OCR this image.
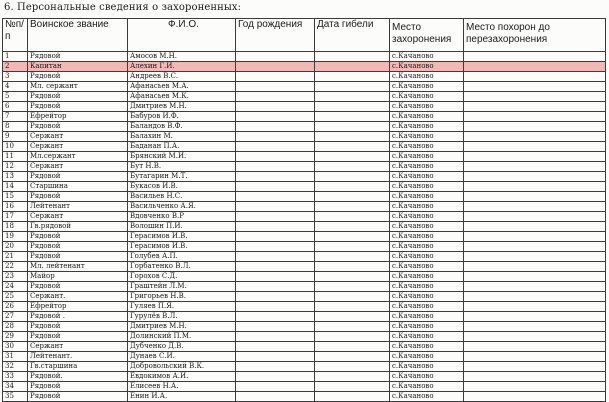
6. Персональные сведения о захороненных:
№п/ п	Воинское звание	Ф.И.О.	Год рождения	Дата гибели	Место захоронения	Место похорон до перезахоронения
1	Рядовой	Амосов М.Н.			с.Качаново	
2	Капитан	Алехин Г.И.			с.Качаново	
3	Рядовой	Андреев В.С.			с.Качаново	
4	Мл. сержант	Афанасьев М.А.			с.Качаново	
5	Рядовой	Афанасьев М.К.			с.Качаново	
6	Рядовой	Дмитриев М.Н.			с.Качаново	
7	Ефрейтор	Бабуров И.Ф.			с.Качаново	
8	Рядовой	Баландов В.Ф.			с.Качаново	
9	Сержант	Балахин М.			с.Качаново	
10	Сержант	Баданан П.А.			с.Качаново	
11	Мл.сержант	Брянский М.И.			с.Качаново	
12	Сержант	Бут Н.В.			с.Качаново	
13	Рядовой	Бутагарин М.Т.			с.Качаново	
14	Старшина	Букасов И.В.			с.Качаново	
15	Рядовой	Васильев Н.С.			с.Качаново	
16	Лейтенант	Васильченко А.Я.			с.Качаново	
17	Сержант	Вдовченко В.Р			с.Качаново	
18	Гв.рядовой	Волошин П.И.			с.Качаново	
19	Рядовой	Герасимов И.В.			с.Качаново	
20	Рядовой	Герасимов И.В.			с.Качаново	
21	Рядовой	Голубев А.П.			с.Качаново	
22	Мл. лейтенант	Горбатенко В.Л.			с.Качаново	
23	Майор	Горохов С.Д.			с.Качаново	
24	Рядовой	Граштейн Л.М.			с.Качаново	
25	Сержант.	Григорьев Н.В.			с.Качаново	
26	Ефрейтор	Гуляев П.Я.			с.Качаново	
27	Рядовой .	Гурулёв В.Л.			с.Качаново	
28	Рядовой	Дмитриев М.Н.			с.Качаново	
29	Рядовой	Долинский П.М.			с.Качаново	
30	Сержант	Дубченко Д.В.			с.Качаново	
31	Лейтенант.	Дунаев С.И.			с.Качаново	
32	Гв.старшина	Добровольский В.К.			с.Качаново	
33	Рядовой.	Евдокимов А.И.			с.Качаново	
34	Рядовой	Елисеев Н.А.			с.Качаново	
35	Рядовой	Енин И.А.			с.Качаново	
